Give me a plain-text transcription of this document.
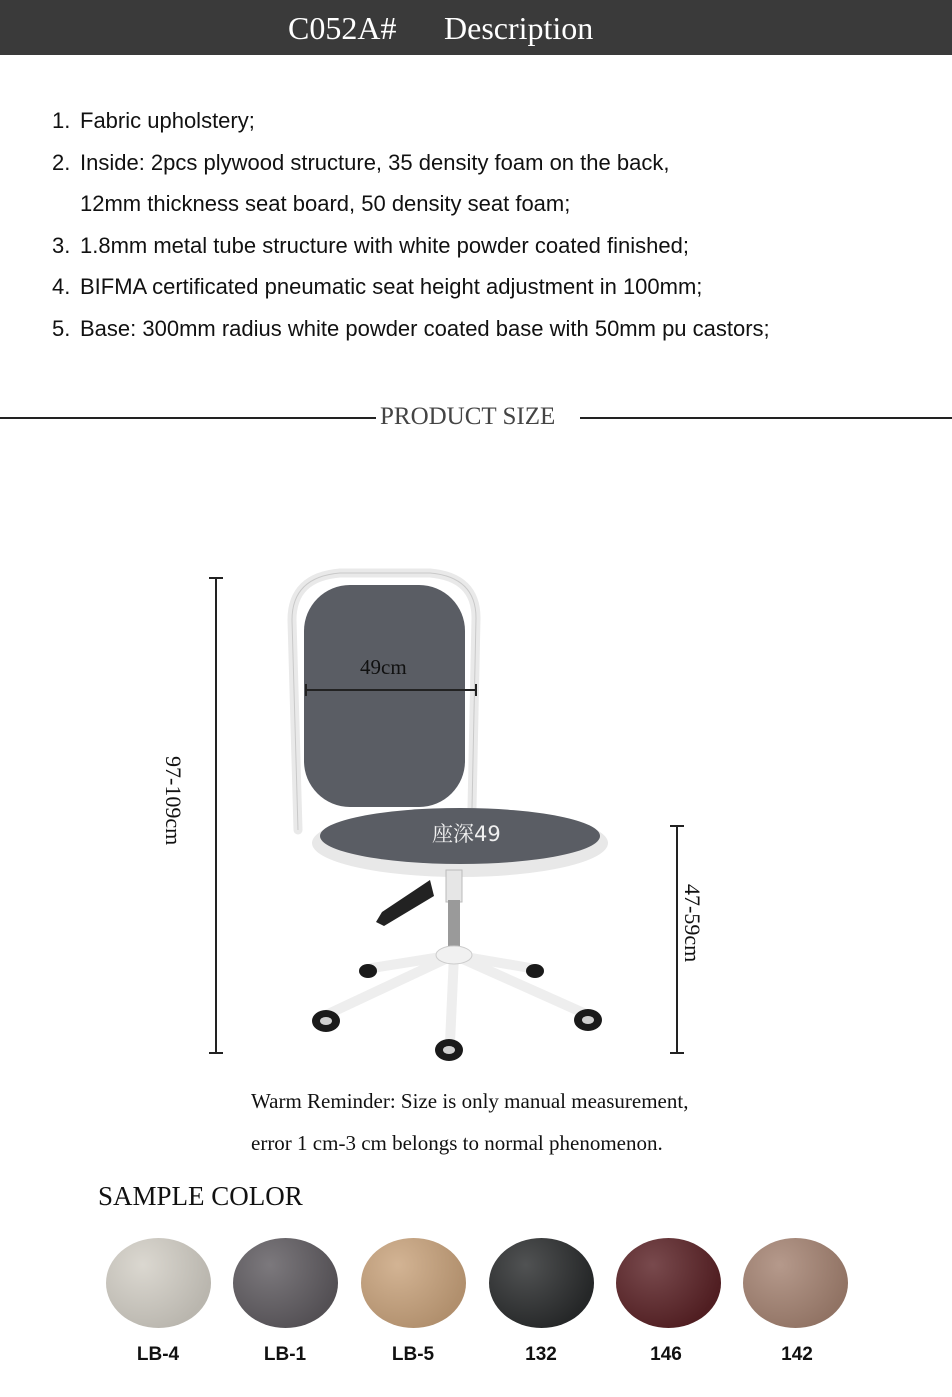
C052A# Description
1. Fabric upholstery;
2. Inside: 2pcs plywood structure, 35 density foam on the back,
12mm thickness seat board, 50 density seat foam;
3. 1.8mm metal tube structure with white powder coated finished;
4. BIFMA certificated pneumatic seat height adjustment in 100mm;
5. Base: 300mm radius white powder coated base with 50mm pu castors;
PRODUCT SIZE
97-109cm
49cm
座深49
47-59cm
Warm Reminder: Size is only manual measurement,
error 1 cm-3 cm belongs to normal phenomenon.
SAMPLE COLOR
LB-4	LB-1	LB-5	132	146	142
